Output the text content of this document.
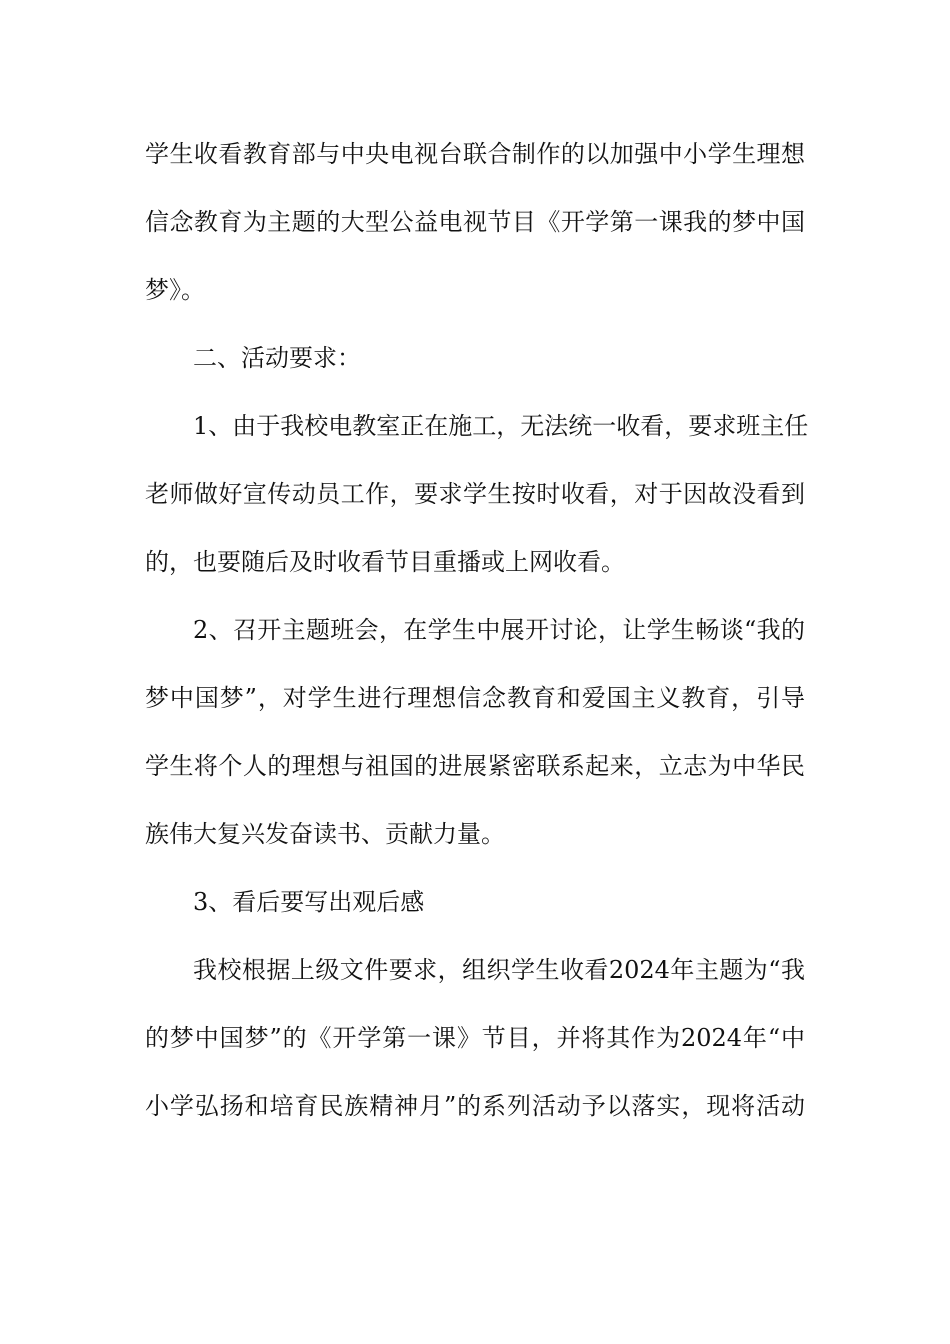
学生收看教育部与中央电视台联合制作的以加强中小学生理想
信念教育为主题的大型公益电视节目《开学第一课我的梦中国
梦》。
二、活动要求：
1、由于我校电教室正在施工，无法统一收看，要求班主任
老师做好宣传动员工作，要求学生按时收看，对于因故没看到
的，也要随后及时收看节目重播或上网收看。
2、召开主题班会，在学生中展开讨论，让学生畅谈“我的
梦中国梦”，对学生进行理想信念教育和爱国主义教育，引导
学生将个人的理想与祖国的进展紧密联系起来，立志为中华民
族伟大复兴发奋读书、贡献力量。
3、看后要写出观后感
我校根据上级文件要求，组织学生收看2024年主题为“我
的梦中国梦”的《开学第一课》节目，并将其作为2024年“中
小学弘扬和培育民族精神月”的系列活动予以落实，现将活动
